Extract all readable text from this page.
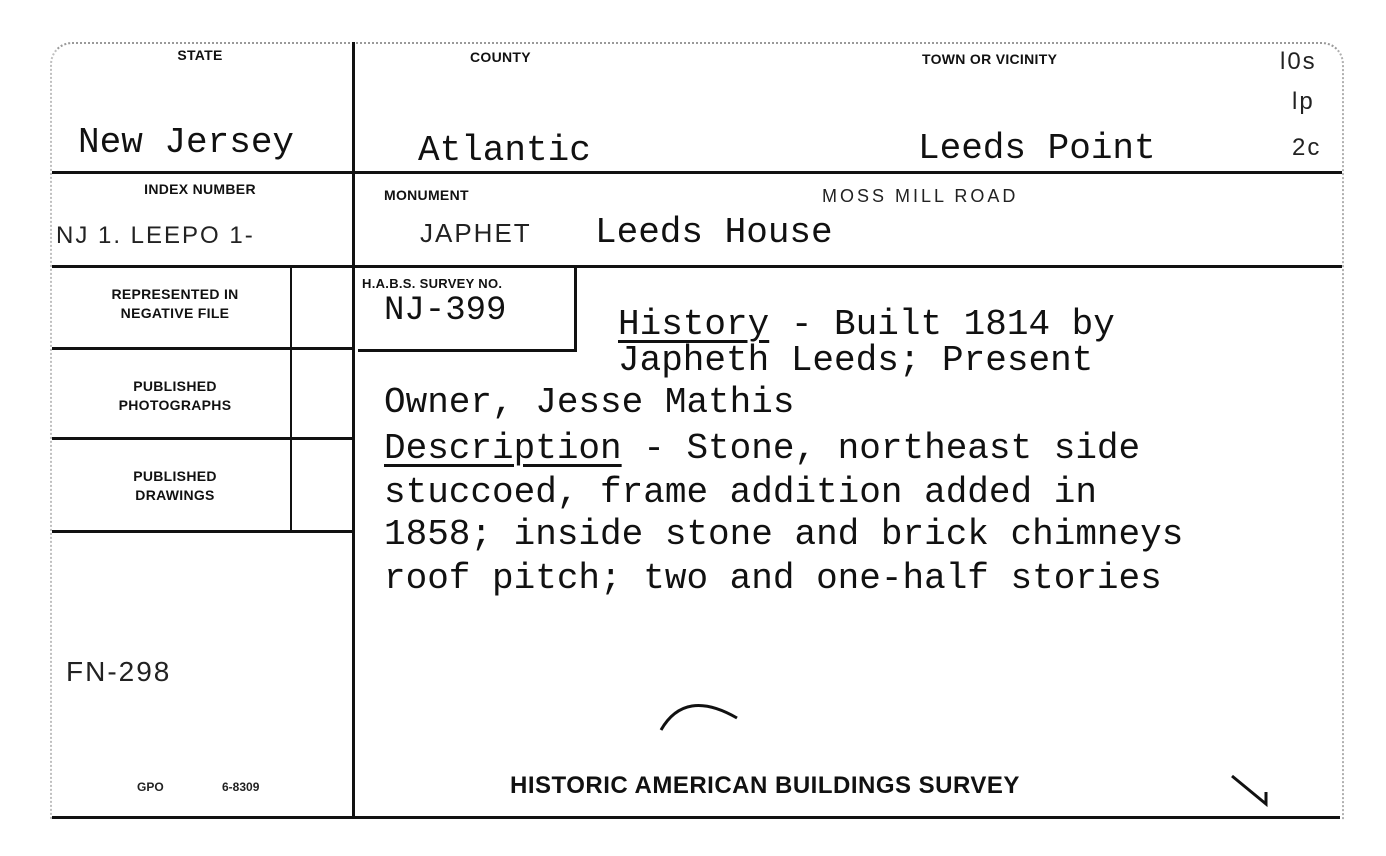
STATE
New Jersey
COUNTY
Atlantic
TOWN OR VICINITY
Leeds Point
l0s
lp
2c
INDEX NUMBER
NJ 1. LEEPO 1-
MONUMENT	MOSS MILL ROAD
JAPHET Leeds House
REPRESENTED IN
NEGATIVE FILE
PUBLISHED
PHOTOGRAPHS
PUBLISHED
DRAWINGS
H.A.B.S. SURVEY NO.
NJ-399	History - Built 1814 by
Japheth Leeds; Present
Owner, Jesse Mathis
Description - Stone, northeast side
stuccoed, frame addition added in
1858; inside stone and brick chimneys
roof pitch; two and one-half stories
FN-298
GPO	6-8309	HISTORIC AMERICAN BUILDINGS SURVEY
